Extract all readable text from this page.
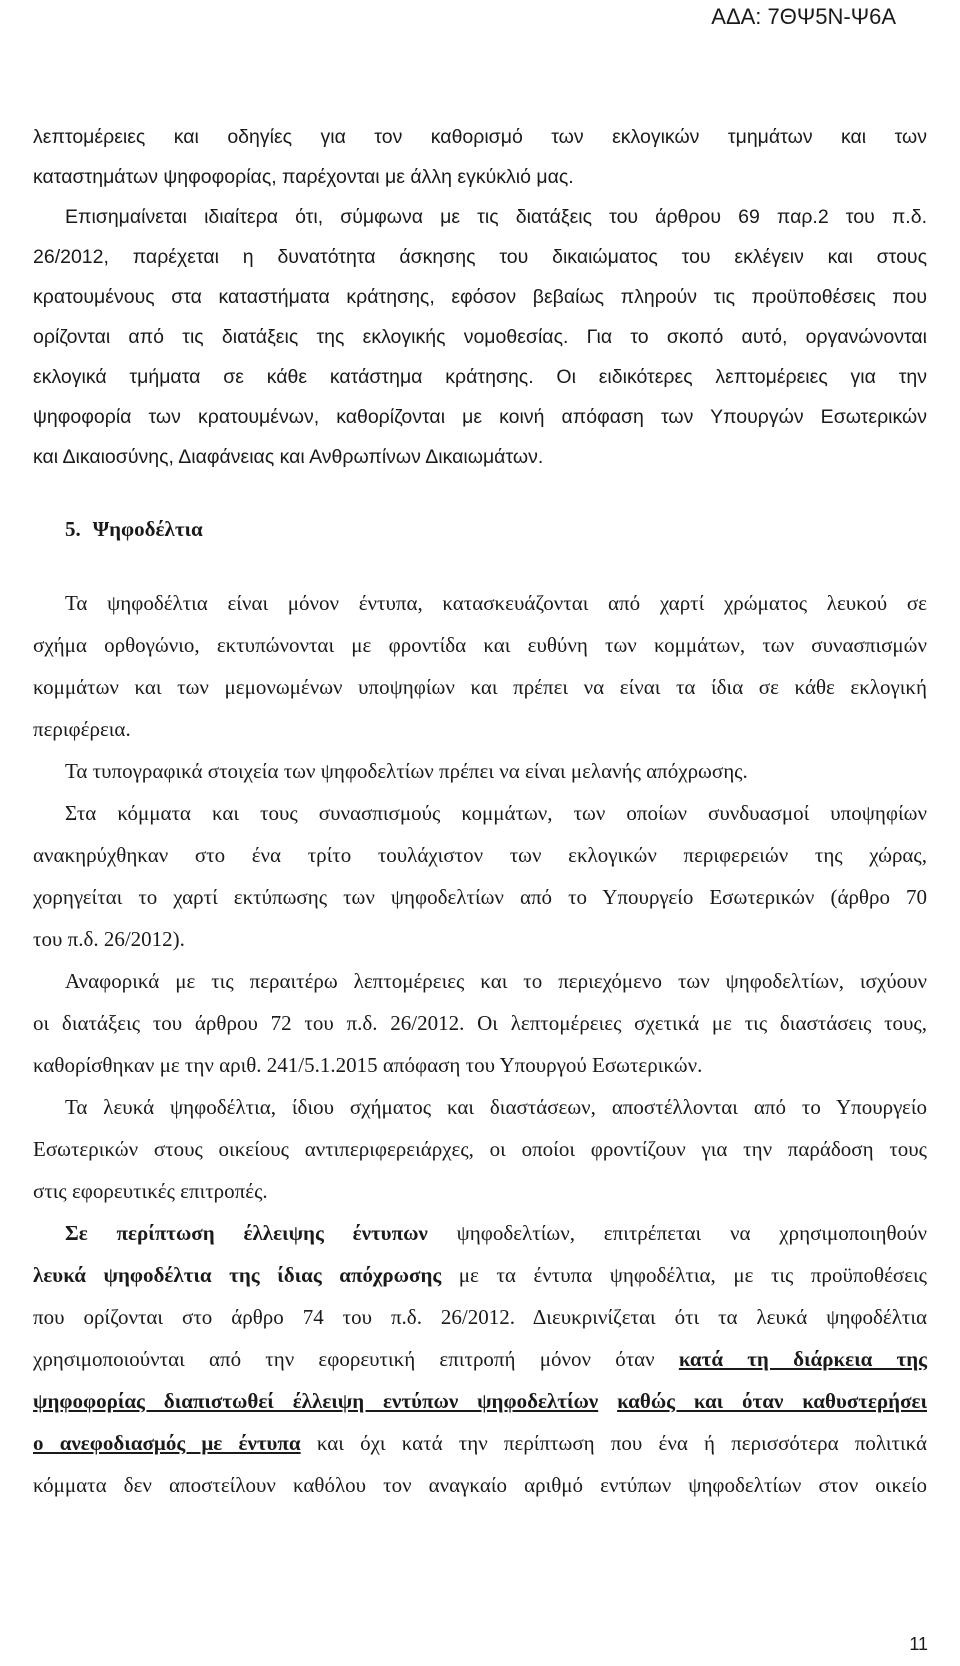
ΑΔΑ: 7ΘΨ5Ν-Ψ6Α

λεπτομέρειες και οδηγίες για τον καθορισμό των εκλογικών τμημάτων και των

καταστημάτων ψηφοφορίας, παρέχονται με άλλη εγκύκλιό μας.

Επισημαίνεται ιδιαίτερα ότι, σύμφωνα με τις διατάξεις του άρθρου 69 παρ.2 του π.δ.

26/2012, παρέχεται η δυνατότητα άσκησης του δικαιώματος του εκλέγειν και στους

κρατουμένους στα καταστήματα κράτησης, εφόσον βεβαίως πληρούν τις προϋποθέσεις που

ορίζονται από τις διατάξεις της εκλογικής νομοθεσίας. Για το σκοπό αυτό, οργανώνονται

εκλογικά τμήματα σε κάθε κατάστημα κράτησης. Οι ειδικότερες λεπτομέρειες για την

ψηφοφορία των κρατουμένων, καθορίζονται με κοινή απόφαση των Υπουργών Εσωτερικών

και Δικαιοσύνης, Διαφάνειας και Ανθρωπίνων Δικαιωμάτων.

5. Ψηφοδέλτια

Τα ψηφοδέλτια είναι μόνον έντυπα, κατασκευάζονται από χαρτί χρώματος λευκού σε

σχήμα ορθογώνιο, εκτυπώνονται με φροντίδα και ευθύνη των κομμάτων, των συνασπισμών

κομμάτων και των μεμονωμένων υποψηφίων και πρέπει να είναι τα ίδια σε κάθε εκλογική

περιφέρεια.

Τα τυπογραφικά στοιχεία των ψηφοδελτίων πρέπει να είναι μελανής απόχρωσης.

Στα κόμματα και τους συνασπισμούς κομμάτων, των οποίων συνδυασμοί υποψηφίων

ανακηρύχθηκαν στο ένα τρίτο τουλάχιστον των εκλογικών περιφερειών της χώρας,

χορηγείται το χαρτί εκτύπωσης των ψηφοδελτίων από το Υπουργείο Εσωτερικών (άρθρο 70

του π.δ. 26/2012).

Αναφορικά με τις περαιτέρω λεπτομέρειες και το περιεχόμενο των ψηφοδελτίων, ισχύουν

οι διατάξεις του άρθρου 72 του π.δ. 26/2012. Οι λεπτομέρειες σχετικά με τις διαστάσεις τους,

καθορίσθηκαν με την αριθ. 241/5.1.2015 απόφαση του Υπουργού Εσωτερικών.

Τα λευκά ψηφοδέλτια, ίδιου σχήματος και διαστάσεων, αποστέλλονται από το Υπουργείο

Εσωτερικών στους οικείους αντιπεριφερειάρχες, οι οποίοι φροντίζουν για την παράδοση τους

στις εφορευτικές επιτροπές.

Σε περίπτωση έλλειψης έντυπων ψηφοδελτίων, επιτρέπεται να χρησιμοποιηθούν

λευκά ψηφοδέλτια της ίδιας απόχρωσης με τα έντυπα ψηφοδέλτια, με τις προϋποθέσεις

που ορίζονται στο άρθρο 74 του π.δ. 26/2012. Διευκρινίζεται ότι τα λευκά ψηφοδέλτια

χρησιμοποιούνται από την εφορευτική επιτροπή μόνον όταν κατά τη διάρκεια της

ψηφοφορίας διαπιστωθεί έλλειψη εντύπων ψηφοδελτίων καθώς και όταν καθυστερήσει

ο ανεφοδιασμός με έντυπα και όχι κατά την περίπτωση που ένα ή περισσότερα πολιτικά

κόμματα δεν αποστείλουν καθόλου τον αναγκαίο αριθμό εντύπων ψηφοδελτίων στον οικείο

11
